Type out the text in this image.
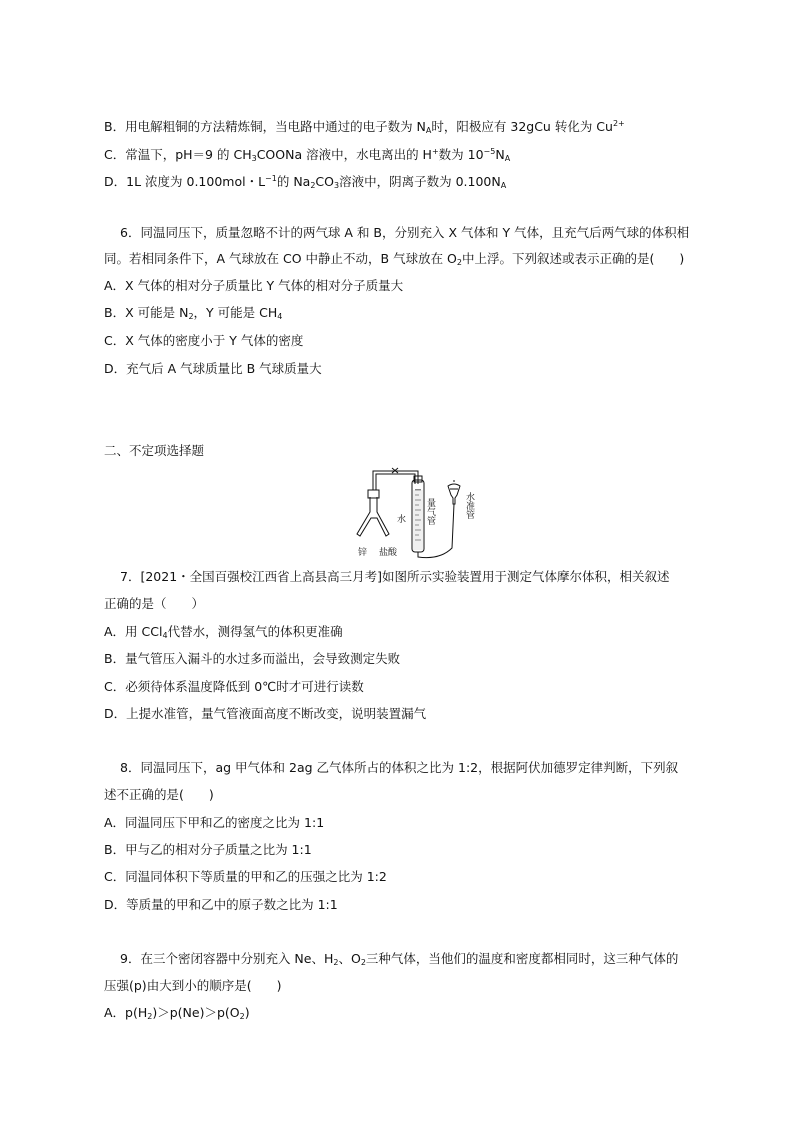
B．用电解粗铜的方法精炼铜，当电路中通过的电子数为 $N_A$时，阳极应有 32gCu 转化为 $Cu^{2+}$
C．常温下，pH＝9 的 $CH_3COONa$ 溶液中，水电离出的 H+数为 $10^{-5}N_A$
D．1L 浓度为 0.100mol・$L^{-1}$的 $Na_2CO_3$溶液中，阴离子数为 $0.100N_A$
6．同温同压下，质量忽略不计的两气球 A 和 B，分别充入 X 气体和 Y 气体，且充气后两气球的体积相
同。若相同条件下，A 气球放在 CO 中静止不动，B 气球放在 $O_2$中上浮。下列叙述或表示正确的是(　　)
A．X 气体的相对分子质量比 Y 气体的相对分子质量大
B．X 可能是 $N_2$，Y 可能是 $CH_4$
C．X 气体的密度小于 Y 气体的密度
D．充气后 A 气球质量比 B 气球质量大
二、不定项选择题
锌 盐酸
水 量气管	水准管
7．[2021・全国百强校江西省上高县高三月考]如图所示实验装置用于测定气体摩尔体积，相关叙述
正确的是（　　）
A．用 CCl$_4$代替水，测得氢气的体积更准确
B．量气管压入漏斗的水过多而溢出，会导致测定失败
C．必须待体系温度降低到 0℃时才可进行读数
D．上提水准管，量气管液面高度不断改变，说明装置漏气
8．同温同压下，ag 甲气体和 2ag 乙气体所占的体积之比为 1:2，根据阿伏加德罗定律判断，下列叙
述不正确的是(　　)
A．同温同压下甲和乙的密度之比为 1:1
B．甲与乙的相对分子质量之比为 1:1
C．同温同体积下等质量的甲和乙的压强之比为 1:2
D．等质量的甲和乙中的原子数之比为 1:1
9．在三个密闭容器中分别充入 Ne、$H_2$、$O_2$三种气体，当他们的温度和密度都相同时，这三种气体的
压强(p)由大到小的顺序是(　　)
A．$p(H_2)>p(Ne)>p(O_2)$
